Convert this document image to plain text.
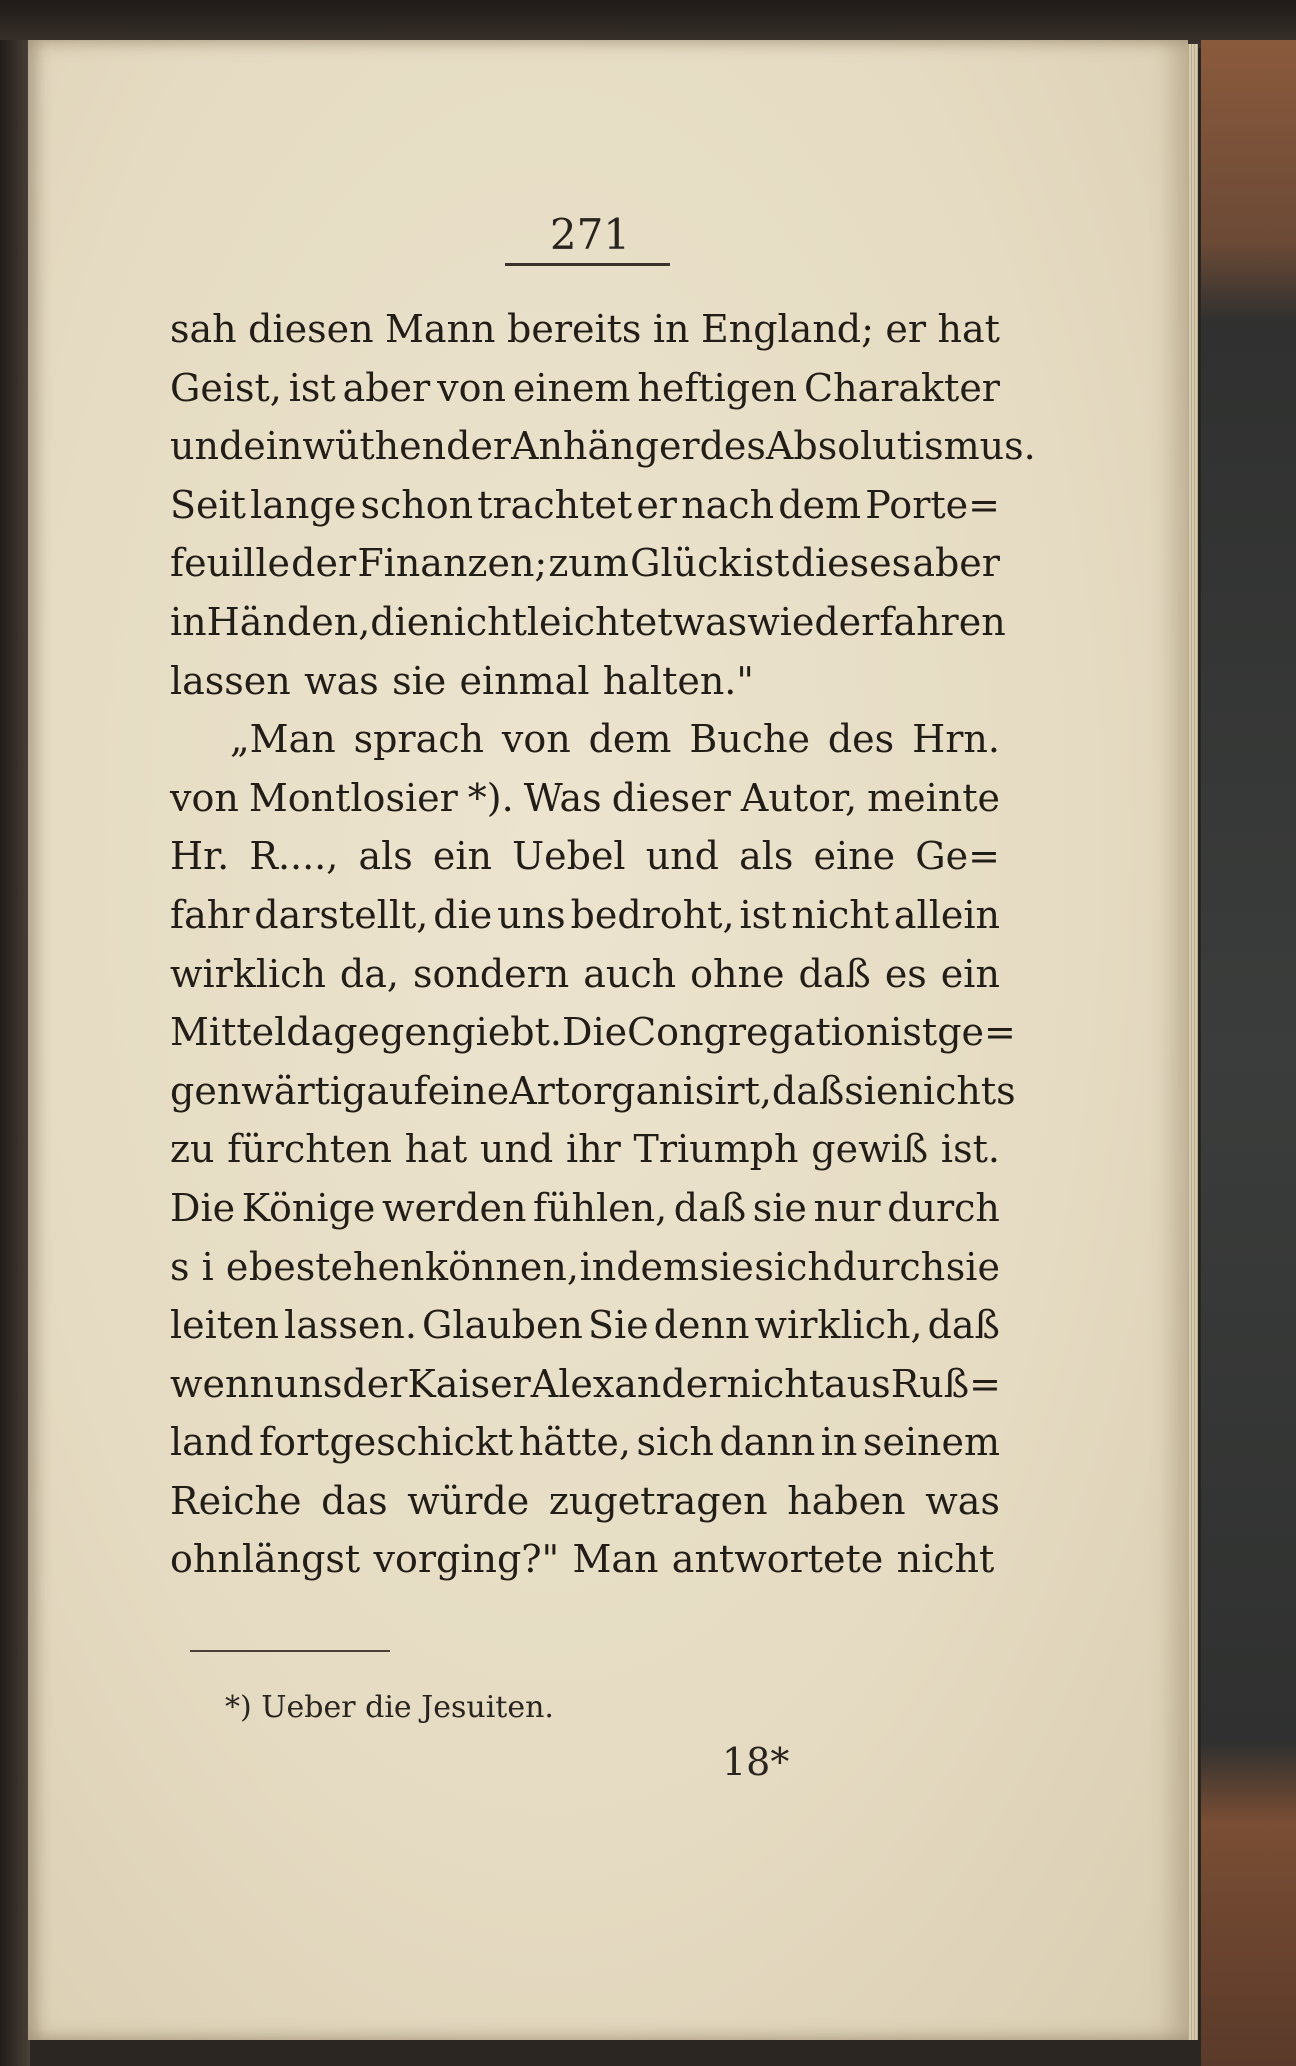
271
sah diesen Mann bereits in England; er hat
Geist, ist aber von einem heftigen Charakter
und ein wüthender Anhänger des Absolutismus.
Seit lange schon trachtet er nach dem Porte=
feuille der Finanzen; zum Glück ist dieses aber
in Händen, die nicht leicht etwas wieder fahren
lassen was sie einmal halten."
„Man sprach von dem Buche des Hrn.
von Montlosier *). Was dieser Autor, meinte
Hr. R...., als ein Uebel und als eine Ge=
fahr darstellt, die uns bedroht, ist nicht allein
wirklich da, sondern auch ohne daß es ein
Mittel dagegen giebt. Die Congregation ist ge=
genwärtig auf eine Art organisirt, daß sie nichts
zu fürchten hat und ihr Triumph gewiß ist.
Die Könige werden fühlen, daß sie nur durch
s i e bestehen können, indem sie sich durch sie
leiten lassen. Glauben Sie denn wirklich, daß
wenn uns der Kaiser Alexander nicht aus Ruß=
land fortgeschickt hätte, sich dann in seinem
Reiche das würde zugetragen haben was
ohnlängst vorging?" Man antwortete nicht
*) Ueber die Jesuiten.
18*
